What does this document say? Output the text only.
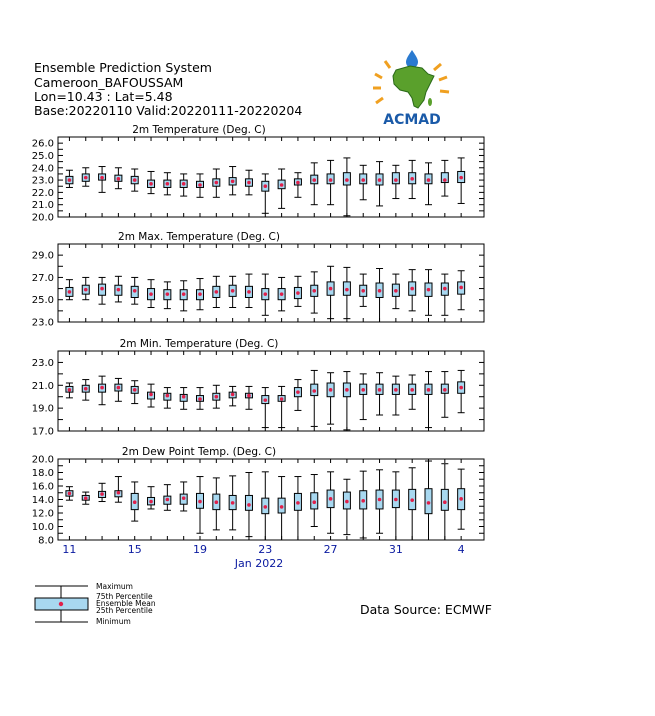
Ensemble Prediction System
Cameroon_BAFOUSSAM
Lon=10.43 : Lat=5.48
Base:20220110 Valid:20220111-20220204
ACMAD
2m Temperature (Deg. C)
26.0
25.0
24.0
23.0
22.0
21.0
20.0
2m Max. Temperature (Deg. C)
29.0
27.0
25.0
23.0
2m Min. Temperature (Deg. C)
23.0
21.0
19.0
17.0
2m Dew Point Temp. (Deg. C)
20.0
18.0
16.0
14.0
12.0
10.0
8.0
11	15	19	23	27	31	4
Jan 2022
Maximum
75th Percentile
Ensemble Mean
25th Percentile
Minimum
Data Source: ECMWF
